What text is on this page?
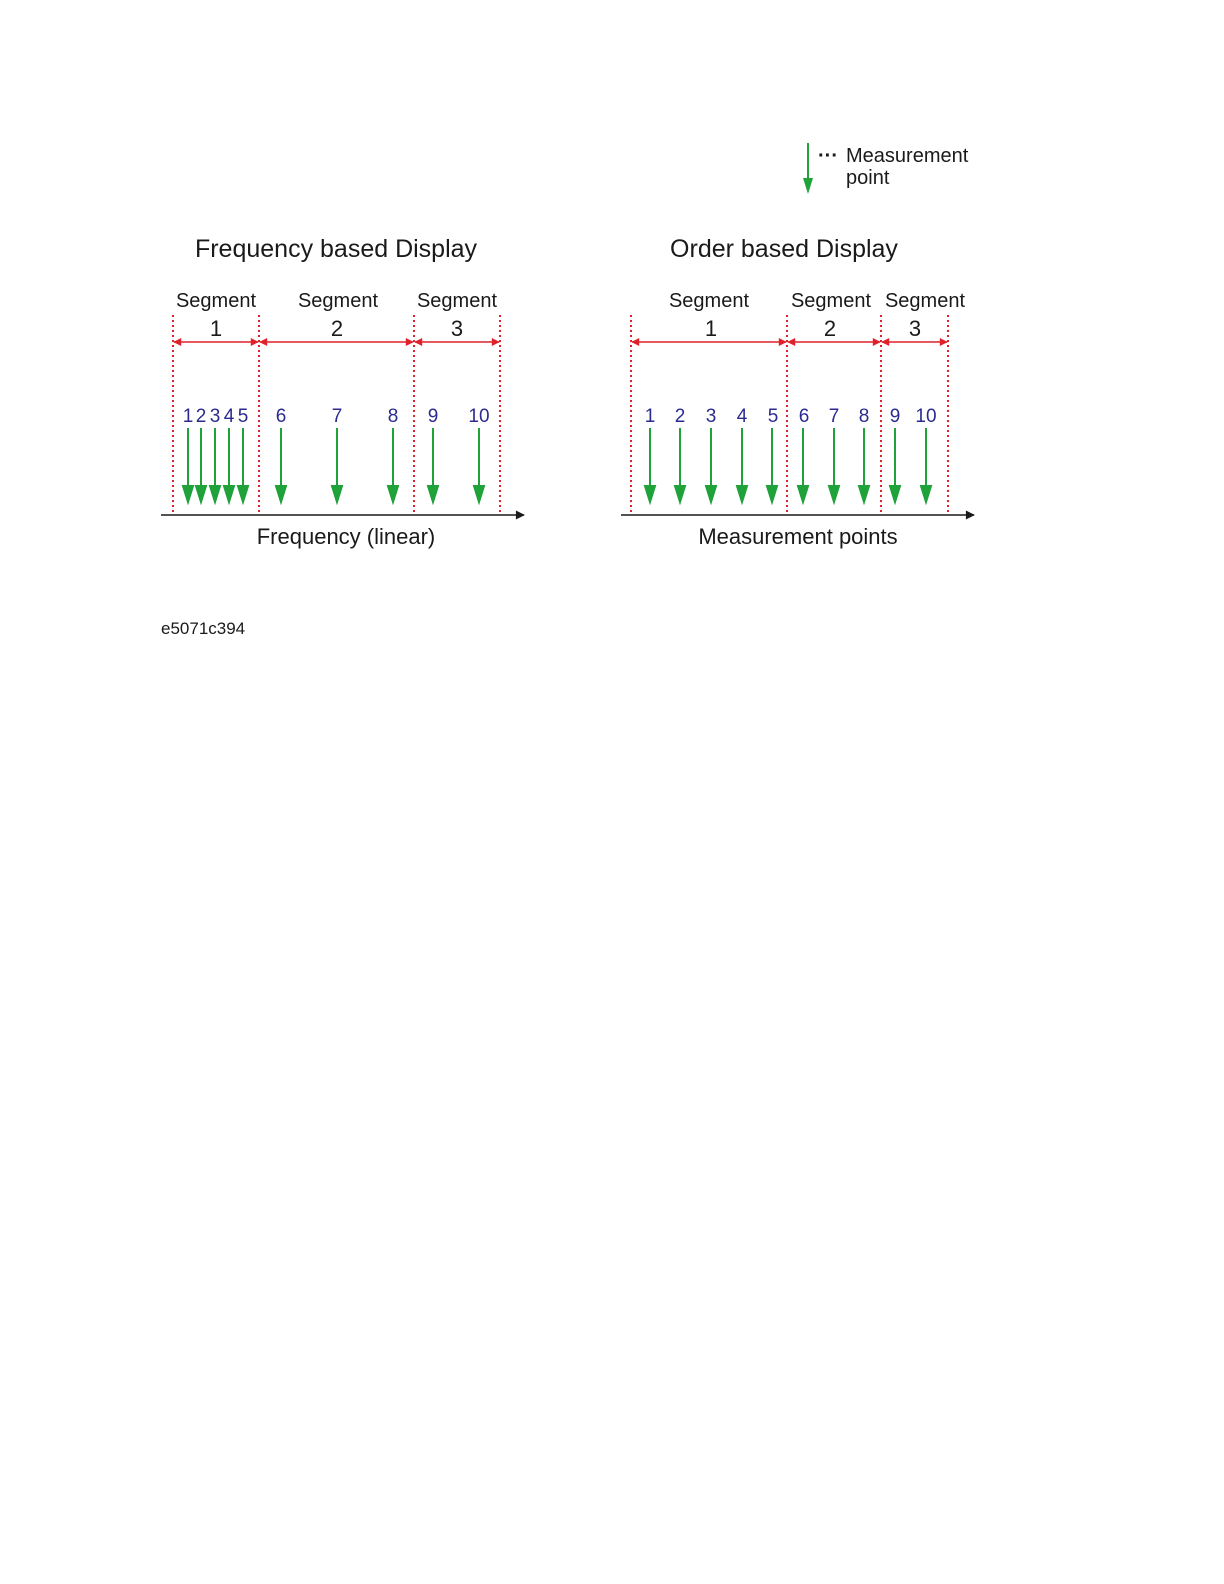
··· Measurement
point
Frequency based Display
Segment
1
Segment
2
Segment
3
1 2 3 4 5 6 7 8 9 10
Frequency (linear)
Order based Display
Segment
1
Segment
2
Segment
3
1 2 3 4 5 6 7 8 9 10
Measurement points
e5071c394
